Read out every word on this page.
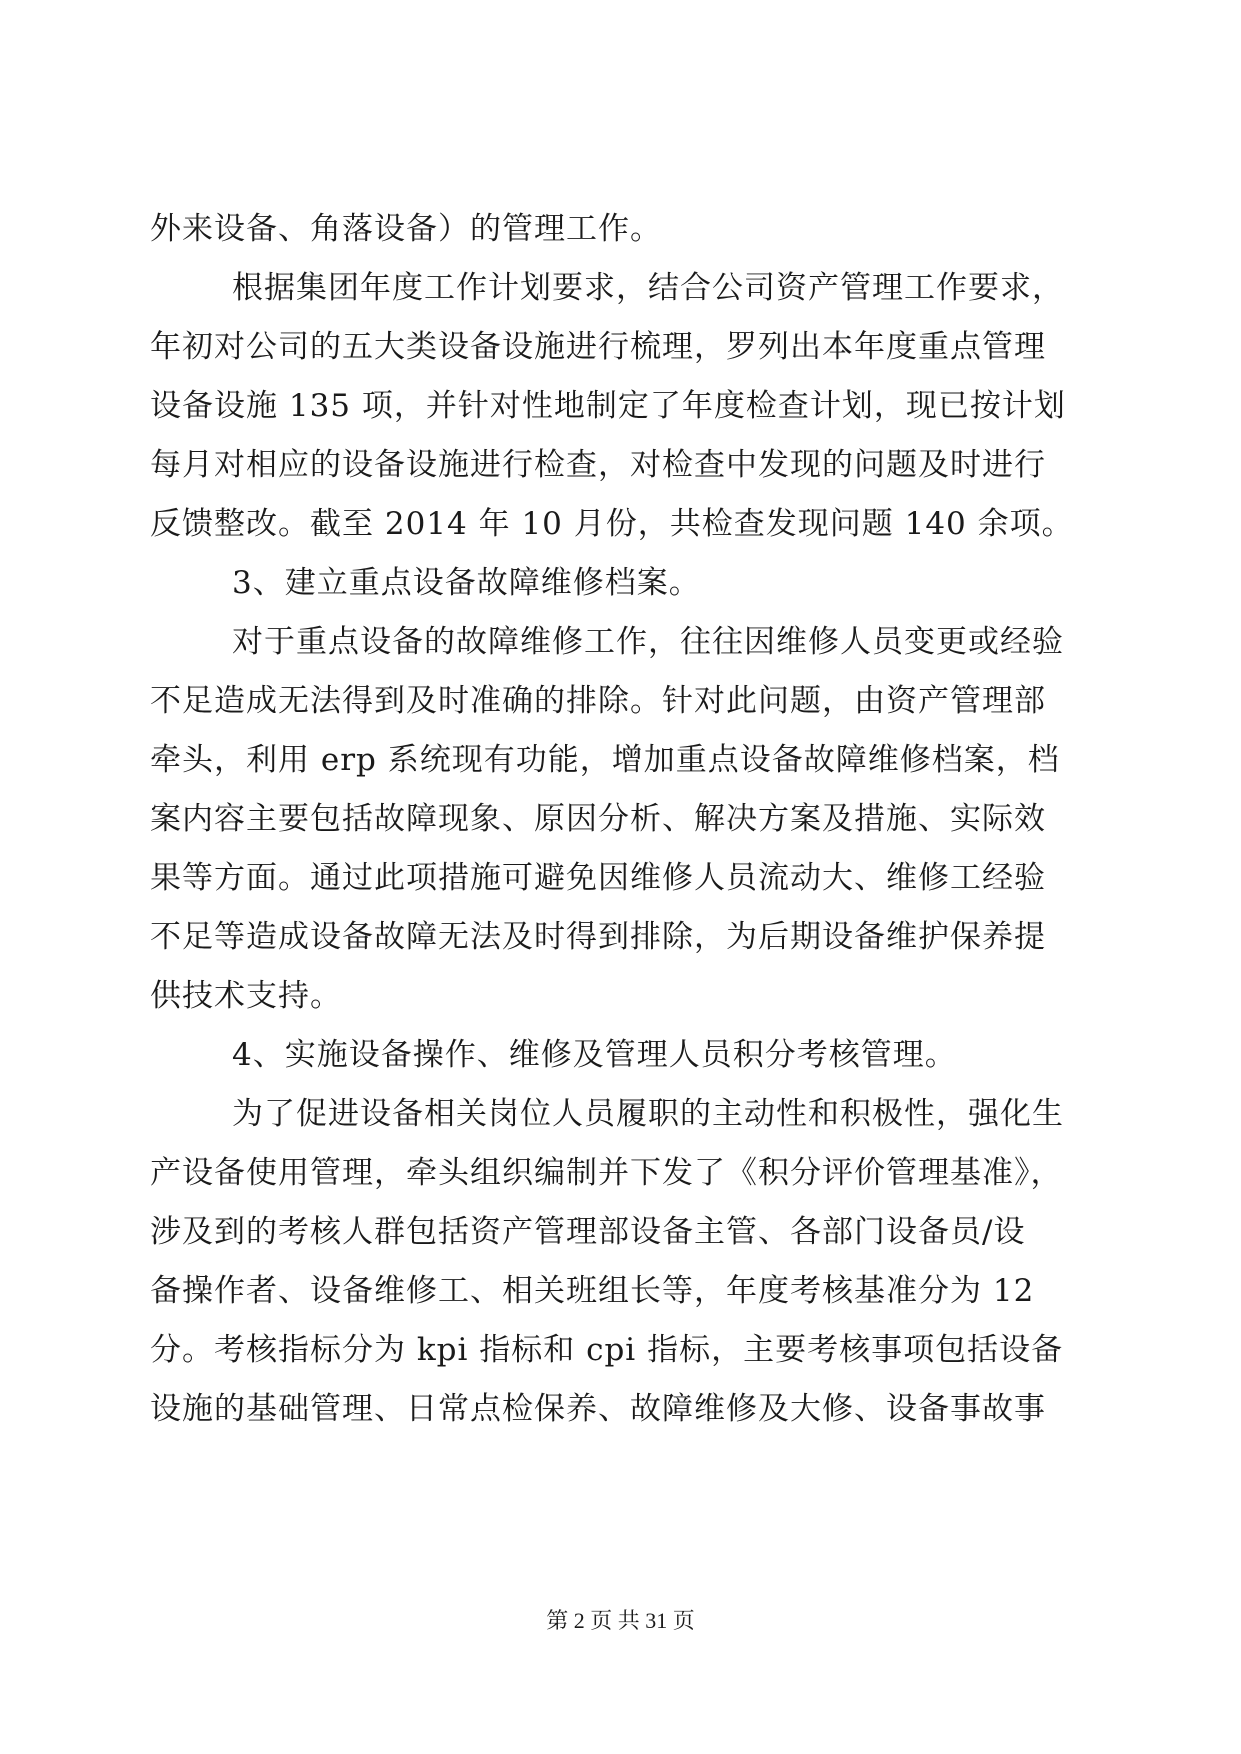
外来设备、角落设备）的管理工作。
根据集团年度工作计划要求，结合公司资产管理工作要求，
年初对公司的五大类设备设施进行梳理，罗列出本年度重点管理
设备设施 135 项，并针对性地制定了年度检查计划，现已按计划
每月对相应的设备设施进行检查，对检查中发现的问题及时进行
反馈整改。截至 2014 年 10 月份，共检查发现问题 140 余项。
3、建立重点设备故障维修档案。
对于重点设备的故障维修工作，往往因维修人员变更或经验
不足造成无法得到及时准确的排除。针对此问题，由资产管理部
牵头，利用 erp 系统现有功能，增加重点设备故障维修档案，档
案内容主要包括故障现象、原因分析、解决方案及措施、实际效
果等方面。通过此项措施可避免因维修人员流动大、维修工经验
不足等造成设备故障无法及时得到排除，为后期设备维护保养提
供技术支持。
4、实施设备操作、维修及管理人员积分考核管理。
为了促进设备相关岗位人员履职的主动性和积极性，强化生
产设备使用管理，牵头组织编制并下发了《积分评价管理基准》，
涉及到的考核人群包括资产管理部设备主管、各部门设备员/设
备操作者、设备维修工、相关班组长等，年度考核基准分为 12
分。考核指标分为 kpi 指标和 cpi 指标，主要考核事项包括设备
设施的基础管理、日常点检保养、故障维修及大修、设备事故事
第 2 页 共 31 页
